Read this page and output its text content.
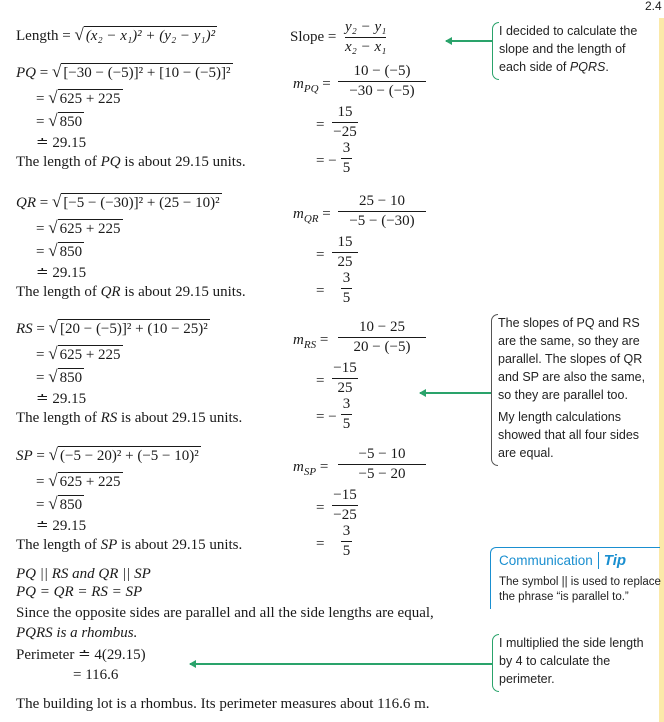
2.4
Length = √ (x₂ − x₁)² + (y₂ − y₁)²	Slope =
y₂ − y₁
x₂ − x₁
PQ = √ [−30 − (−5)]² + [10 − (−5)]²
= √ 625 + 225
= √ 850
≐ 29.15
The length of PQ is about 29.15 units.
$m_{PQ}$ =
10 − (−5)
−30 − (−5)
=
15
−25
= −
3
5
QR = √ [−5 − (−30)]² + (25 − 10)²
= √ 625 + 225
= √ 850
≐ 29.15
The length of QR is about 29.15 units.
$m_{QR}$ =
25 − 10
−5 − (−30)
=
15
25
=
3
5
RS = √ [20 − (−5)]² + (10 − 25)²
= √ 625 + 225
= √ 850
≐ 29.15
The length of RS is about 29.15 units.
$m_{RS}$ =
10 − 25
20 − (−5)
=
−15
25
= −
3
5
SP = √ (−5 − 20)² + (−5 − 10)²
= √ 625 + 225
= √ 850
≐ 29.15
The length of SP is about 29.15 units.
$m_{SP}$ =
−5 − 10
−5 − 20
=
−15
−25
=
3
5
PQ || RS and QR || SP
PQ = QR = RS = SP
Since the opposite sides are parallel and all the side lengths are equal,
PQRS is a rhombus.
Perimeter ≐ 4(29.15)
= 116.6
The building lot is a rhombus. Its perimeter measures about 116.6 m.
I decided to calculate the slope and the length of each side of PQRS.
The slopes of PQ and RS are the same, so they are parallel. The slopes of QR and SP are also the same, so they are parallel too.
My length calculations showed that all four sides are equal.
Communication Tip
The symbol || is used to replace the phrase “is parallel to.”
I multiplied the side length by 4 to calculate the perimeter.
